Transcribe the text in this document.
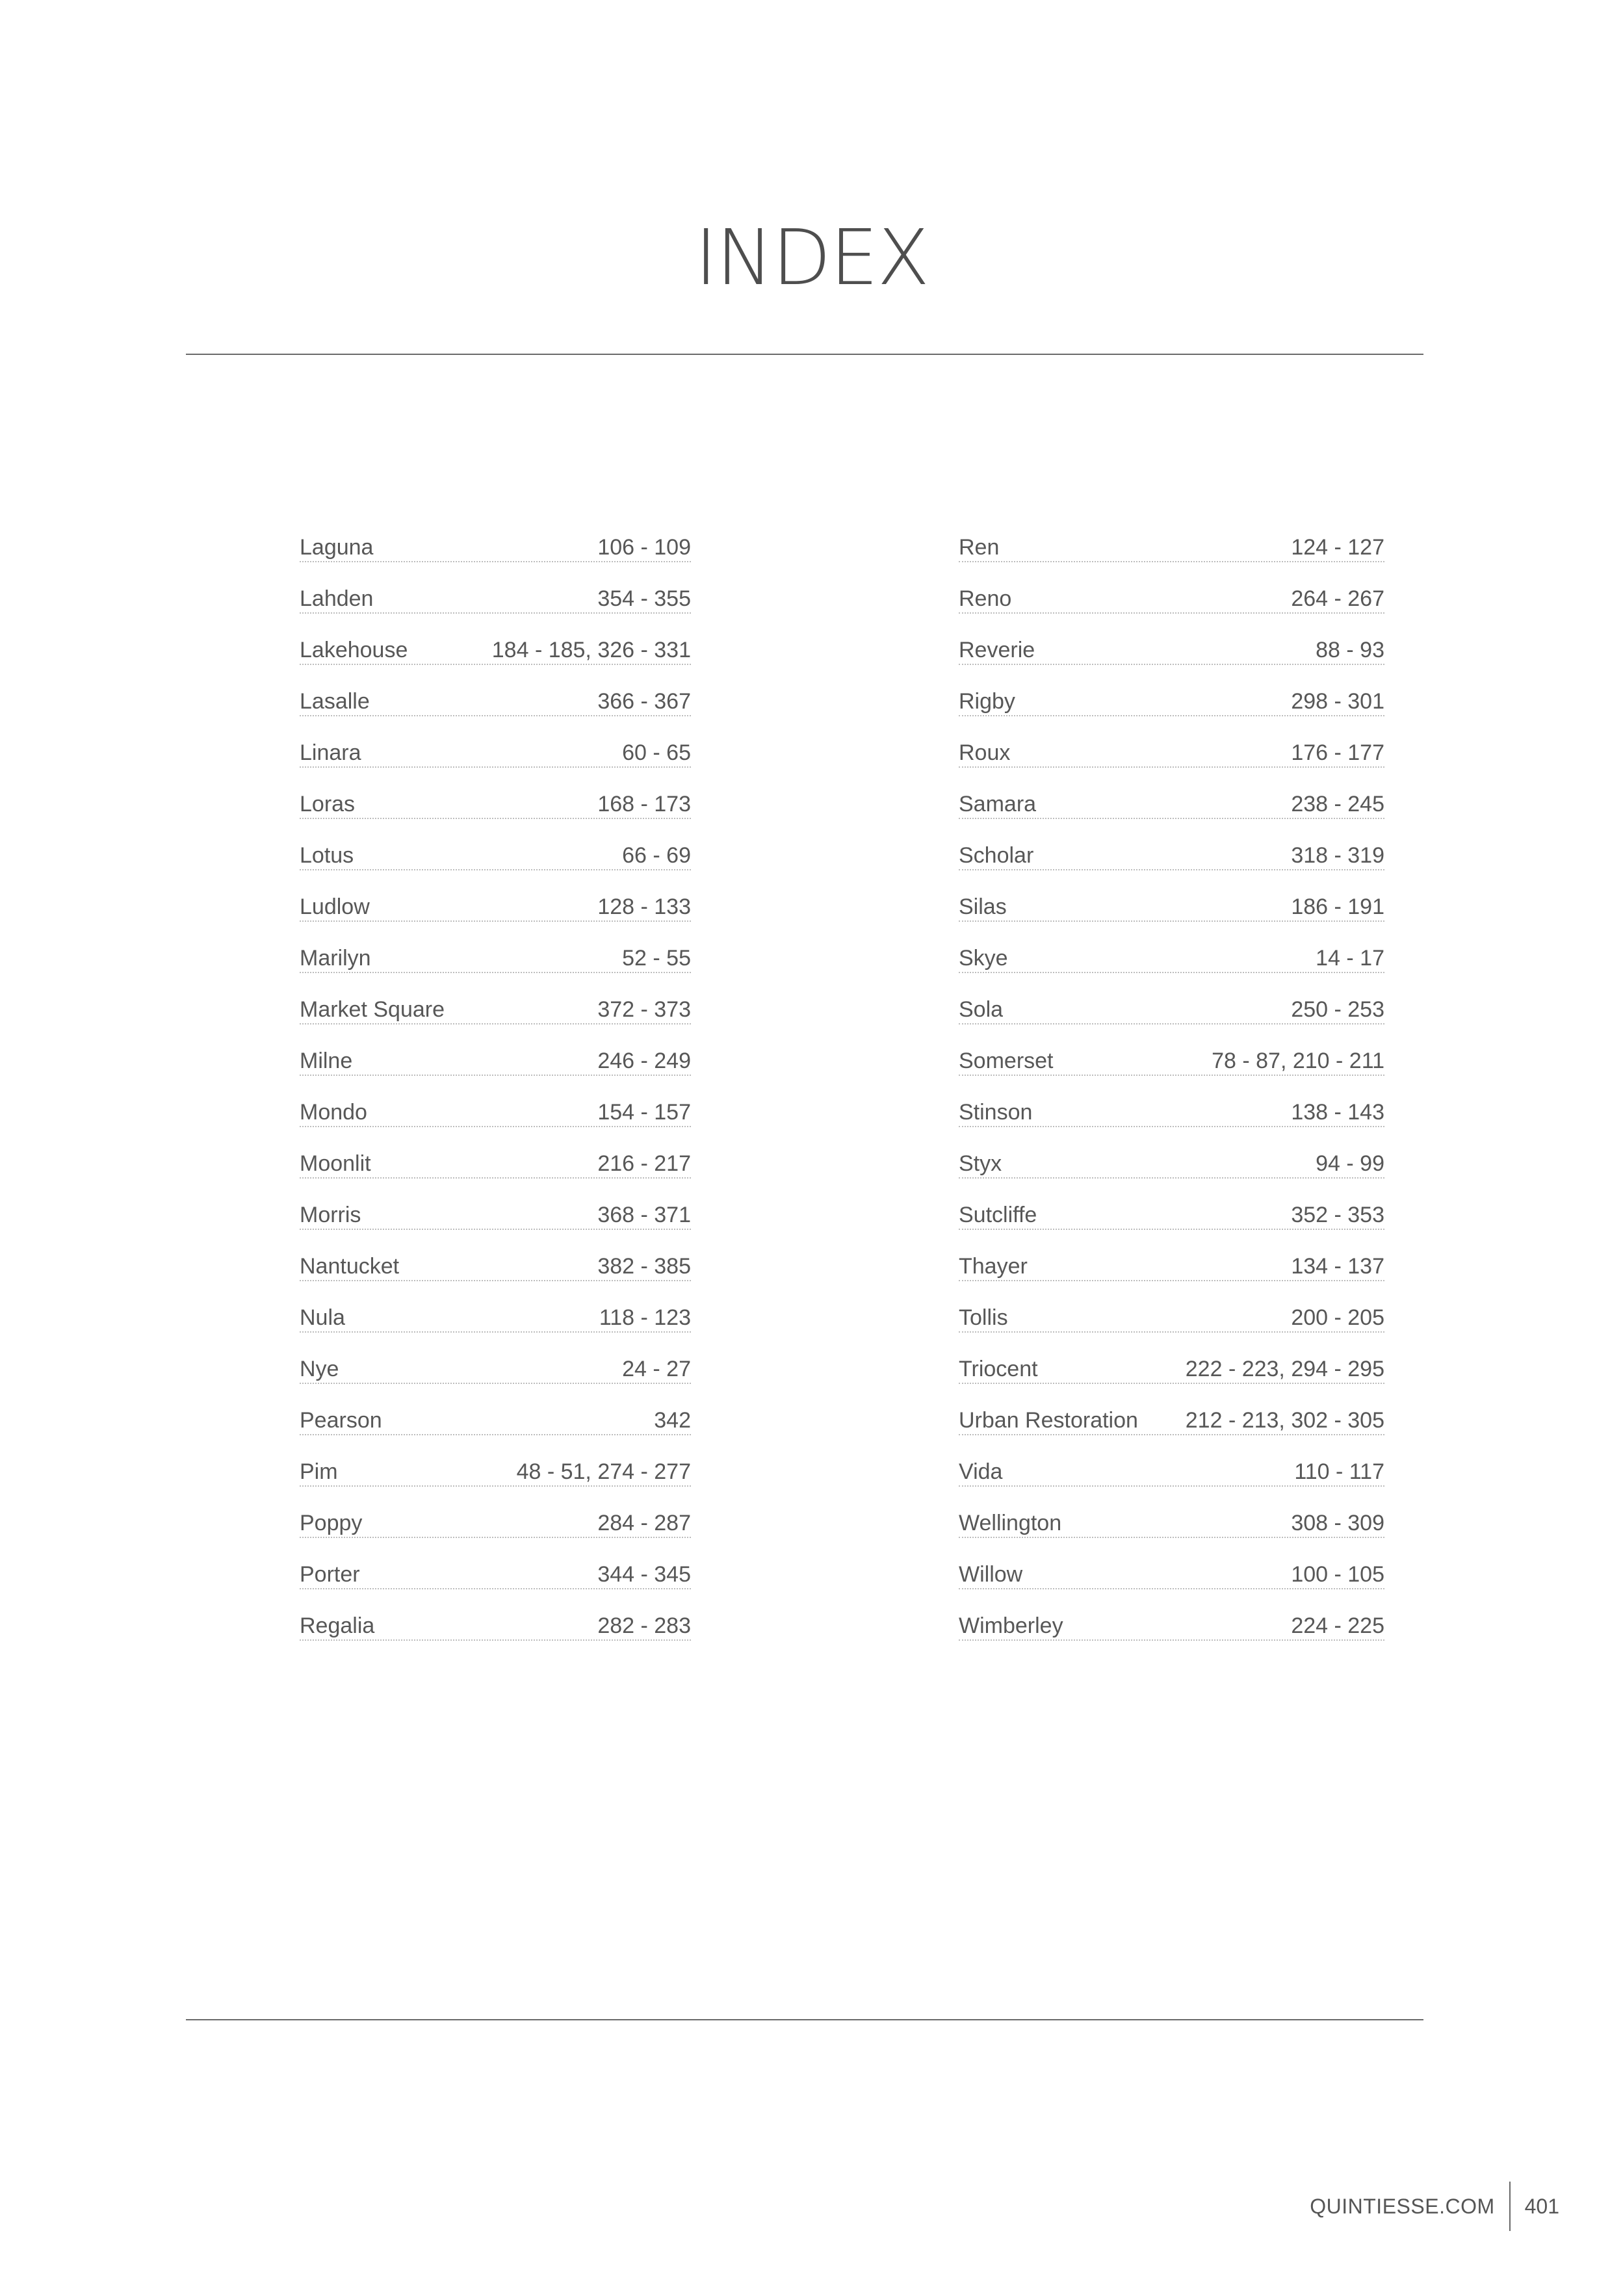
INDEX
Laguna	106 - 109
Lahden	354 - 355
Lakehouse	184 - 185, 326 - 331
Lasalle	366 - 367
Linara	60 - 65
Loras	168 - 173
Lotus	66 - 69
Ludlow	128 - 133
Marilyn	52 - 55
Market Square	372 - 373
Milne	246 - 249
Mondo	154 - 157
Moonlit	216 - 217
Morris	368 - 371
Nantucket	382 - 385
Nula	118 - 123
Nye	24 - 27
Pearson	342
Pim	48 - 51, 274 - 277
Poppy	284 - 287
Porter	344 - 345
Regalia	282 - 283
Ren	124 - 127
Reno	264 - 267
Reverie	88 - 93
Rigby	298 - 301
Roux	176 - 177
Samara	238 - 245
Scholar	318 - 319
Silas	186 - 191
Skye	14 - 17
Sola	250 - 253
Somerset	78 - 87, 210 - 211
Stinson	138 - 143
Styx	94 - 99
Sutcliffe	352 - 353
Thayer	134 - 137
Tollis	200 - 205
Triocent	222 - 223, 294 - 295
Urban Restoration 212 - 213, 302 - 305
Vida	110 - 117
Wellington	308 - 309
Willow	100 - 105
Wimberley	224 - 225
QUINTIESSE.COM	401
